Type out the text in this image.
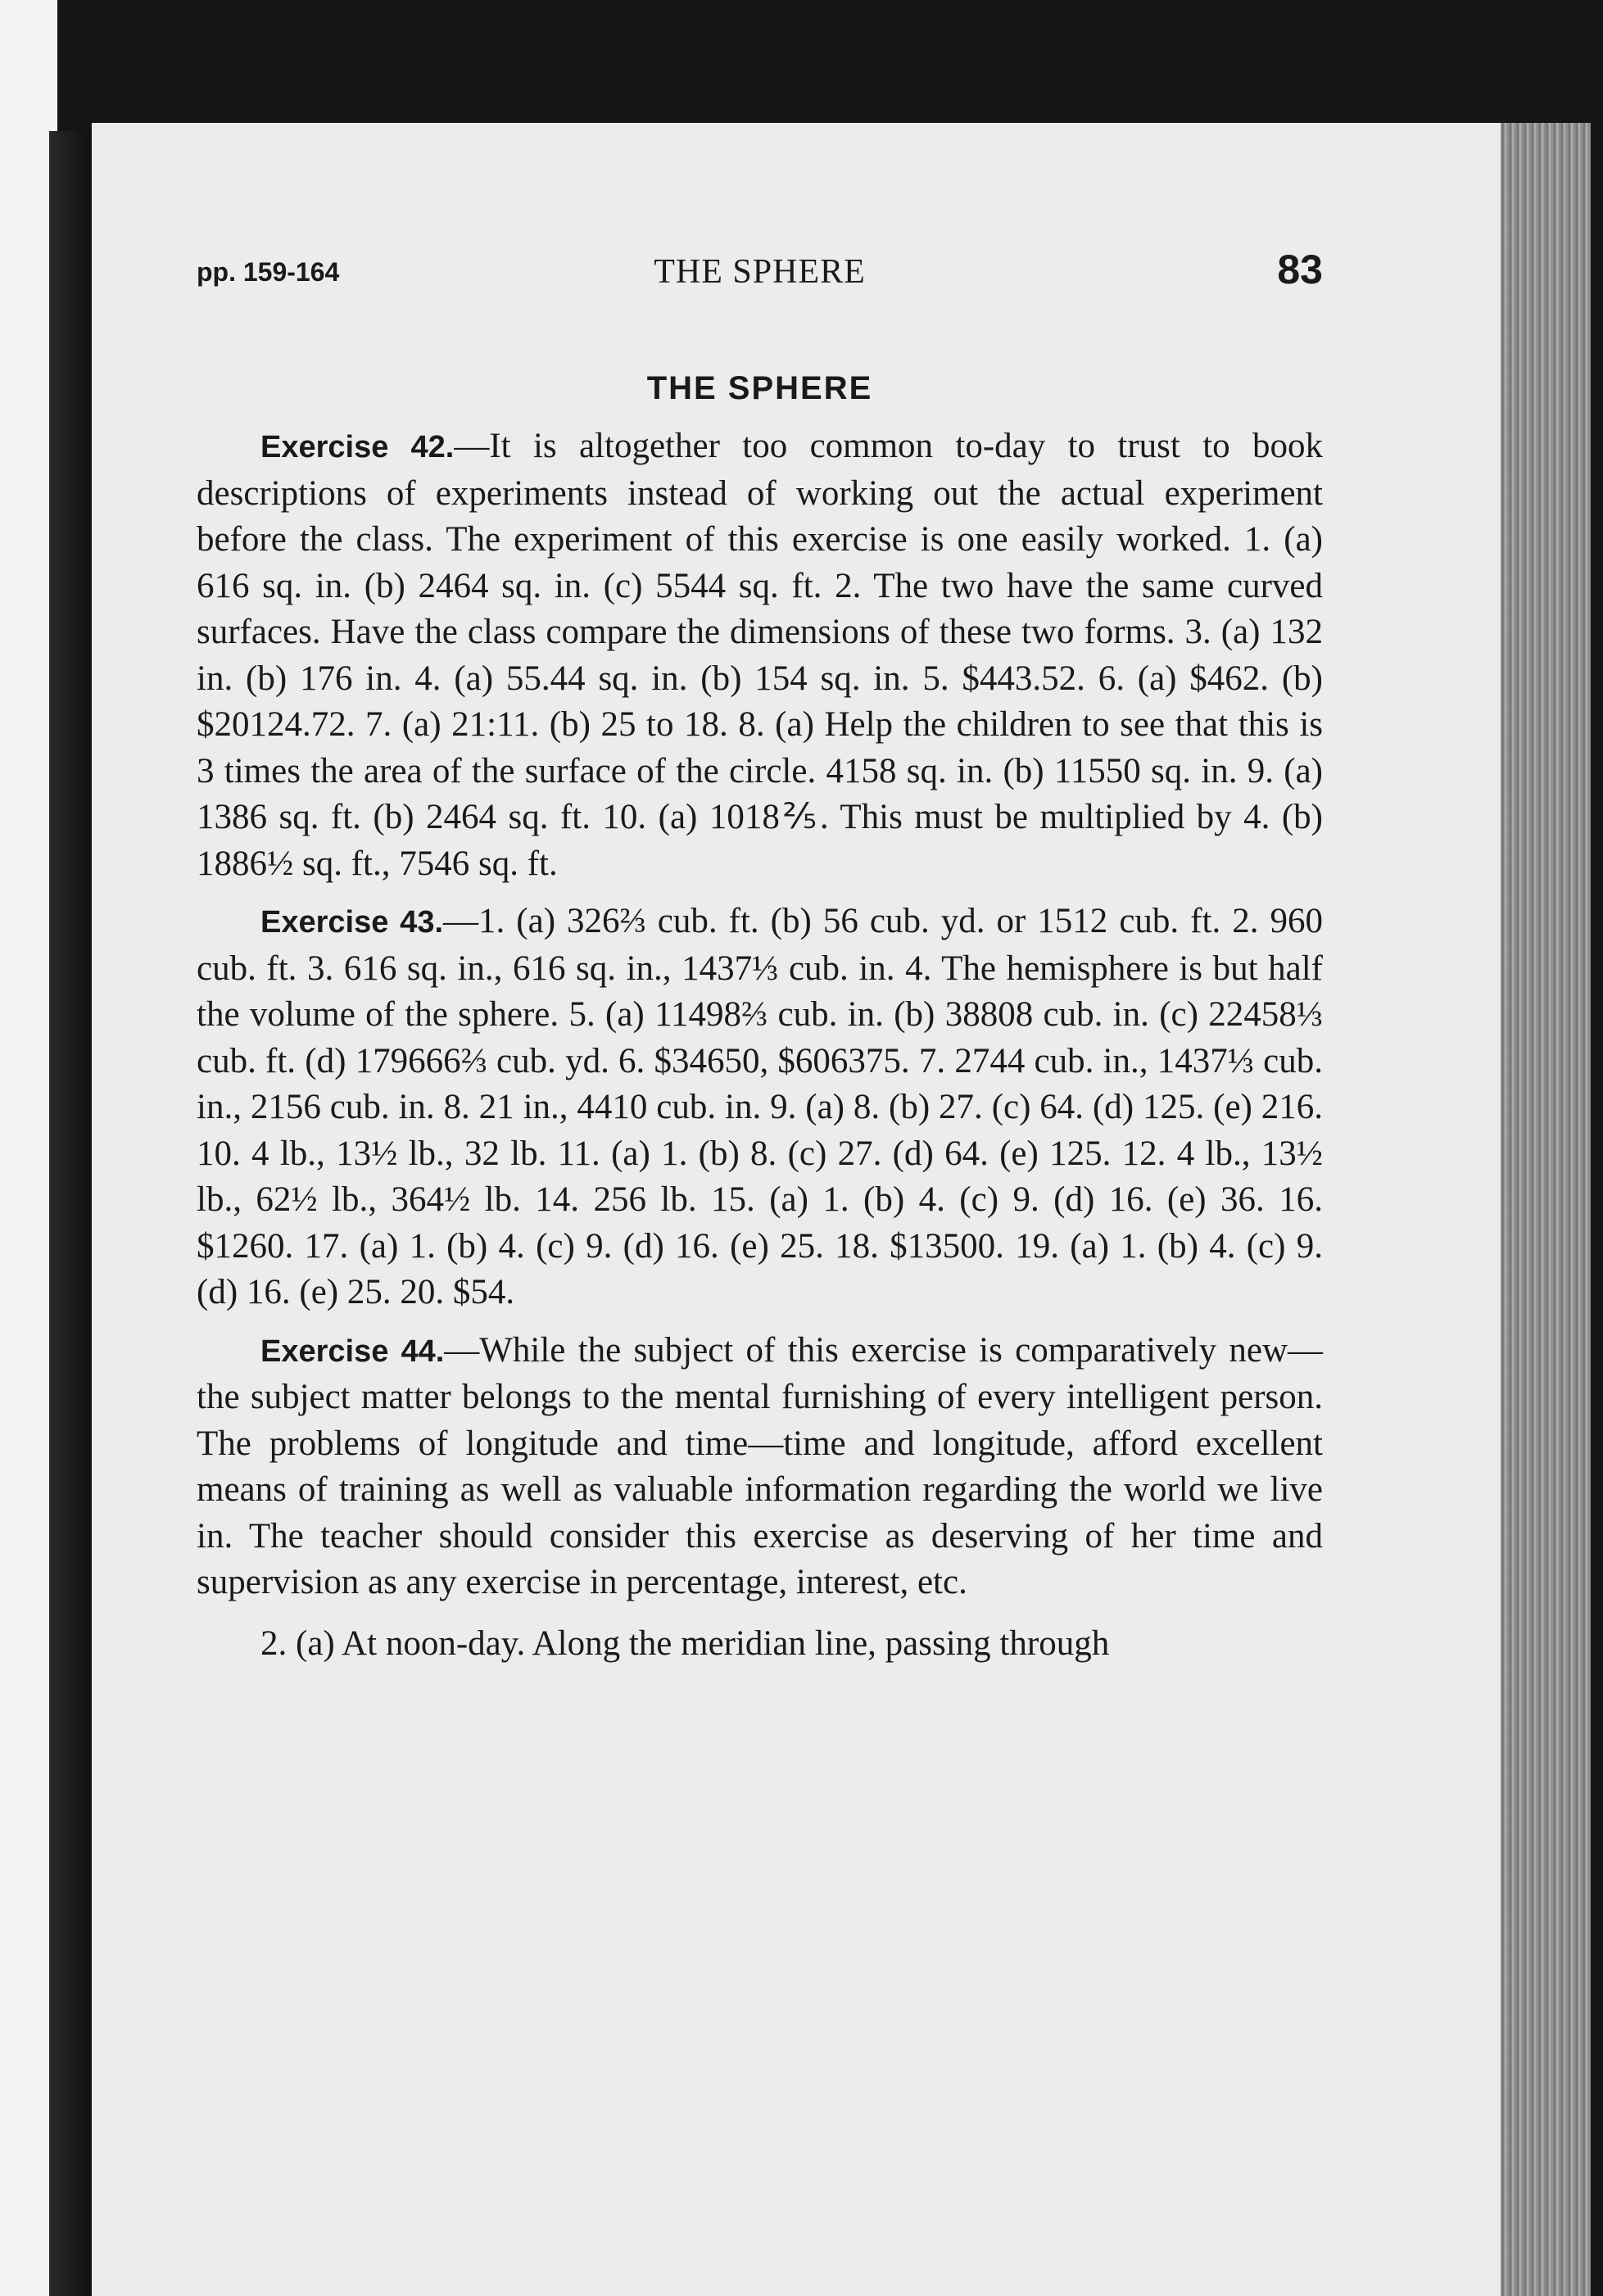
pp. 159-164	THE SPHERE	83
THE SPHERE

Exercise 42.—It is altogether too common to-day to trust to book descriptions of experiments instead of working out the actual experiment before the class. The experiment of this exercise is one easily worked. 1. (a) 616 sq. in. (b) 2464 sq. in. (c) 5544 sq. ft. 2. The two have the same curved surfaces. Have the class compare the dimensions of these two forms. 3. (a) 132 in. (b) 176 in. 4. (a) 55.44 sq. in. (b) 154 sq. in. 5. $443.52. 6. (a) $462. (b) $20124.72. 7. (a) 21:11. (b) 25 to 18. 8. (a) Help the children to see that this is 3 times the area of the surface of the circle. 4158 sq. in. (b) 11550 sq. in. 9. (a) 1386 sq. ft. (b) 2464 sq. ft. 10. (a) 1018⅖. This must be multiplied by 4. (b) 1886½ sq. ft., 7546 sq. ft.

Exercise 43.—1. (a) 326⅔ cub. ft. (b) 56 cub. yd. or 1512 cub. ft. 2. 960 cub. ft. 3. 616 sq. in., 616 sq. in., 1437⅓ cub. in. 4. The hemisphere is but half the volume of the sphere. 5. (a) 11498⅔ cub. in. (b) 38808 cub. in. (c) 22458⅓ cub. ft. (d) 179666⅔ cub. yd. 6. $34650, $606375. 7. 2744 cub. in., 1437⅓ cub. in., 2156 cub. in. 8. 21 in., 4410 cub. in. 9. (a) 8. (b) 27. (c) 64. (d) 125. (e) 216. 10. 4 lb., 13½ lb., 32 lb. 11. (a) 1. (b) 8. (c) 27. (d) 64. (e) 125. 12. 4 lb., 13½ lb., 62½ lb., 364½ lb. 14. 256 lb. 15. (a) 1. (b) 4. (c) 9. (d) 16. (e) 36. 16. $1260. 17. (a) 1. (b) 4. (c) 9. (d) 16. (e) 25. 18. $13500. 19. (a) 1. (b) 4. (c) 9. (d) 16. (e) 25. 20. $54.

Exercise 44.—While the subject of this exercise is comparatively new—the subject matter belongs to the mental furnishing of every intelligent person. The problems of longitude and time—time and longitude, afford excellent means of training as well as valuable information regarding the world we live in. The teacher should consider this exercise as deserving of her time and supervision as any exercise in percentage, interest, etc.

2. (a) At noon-day. Along the meridian line, passing through
